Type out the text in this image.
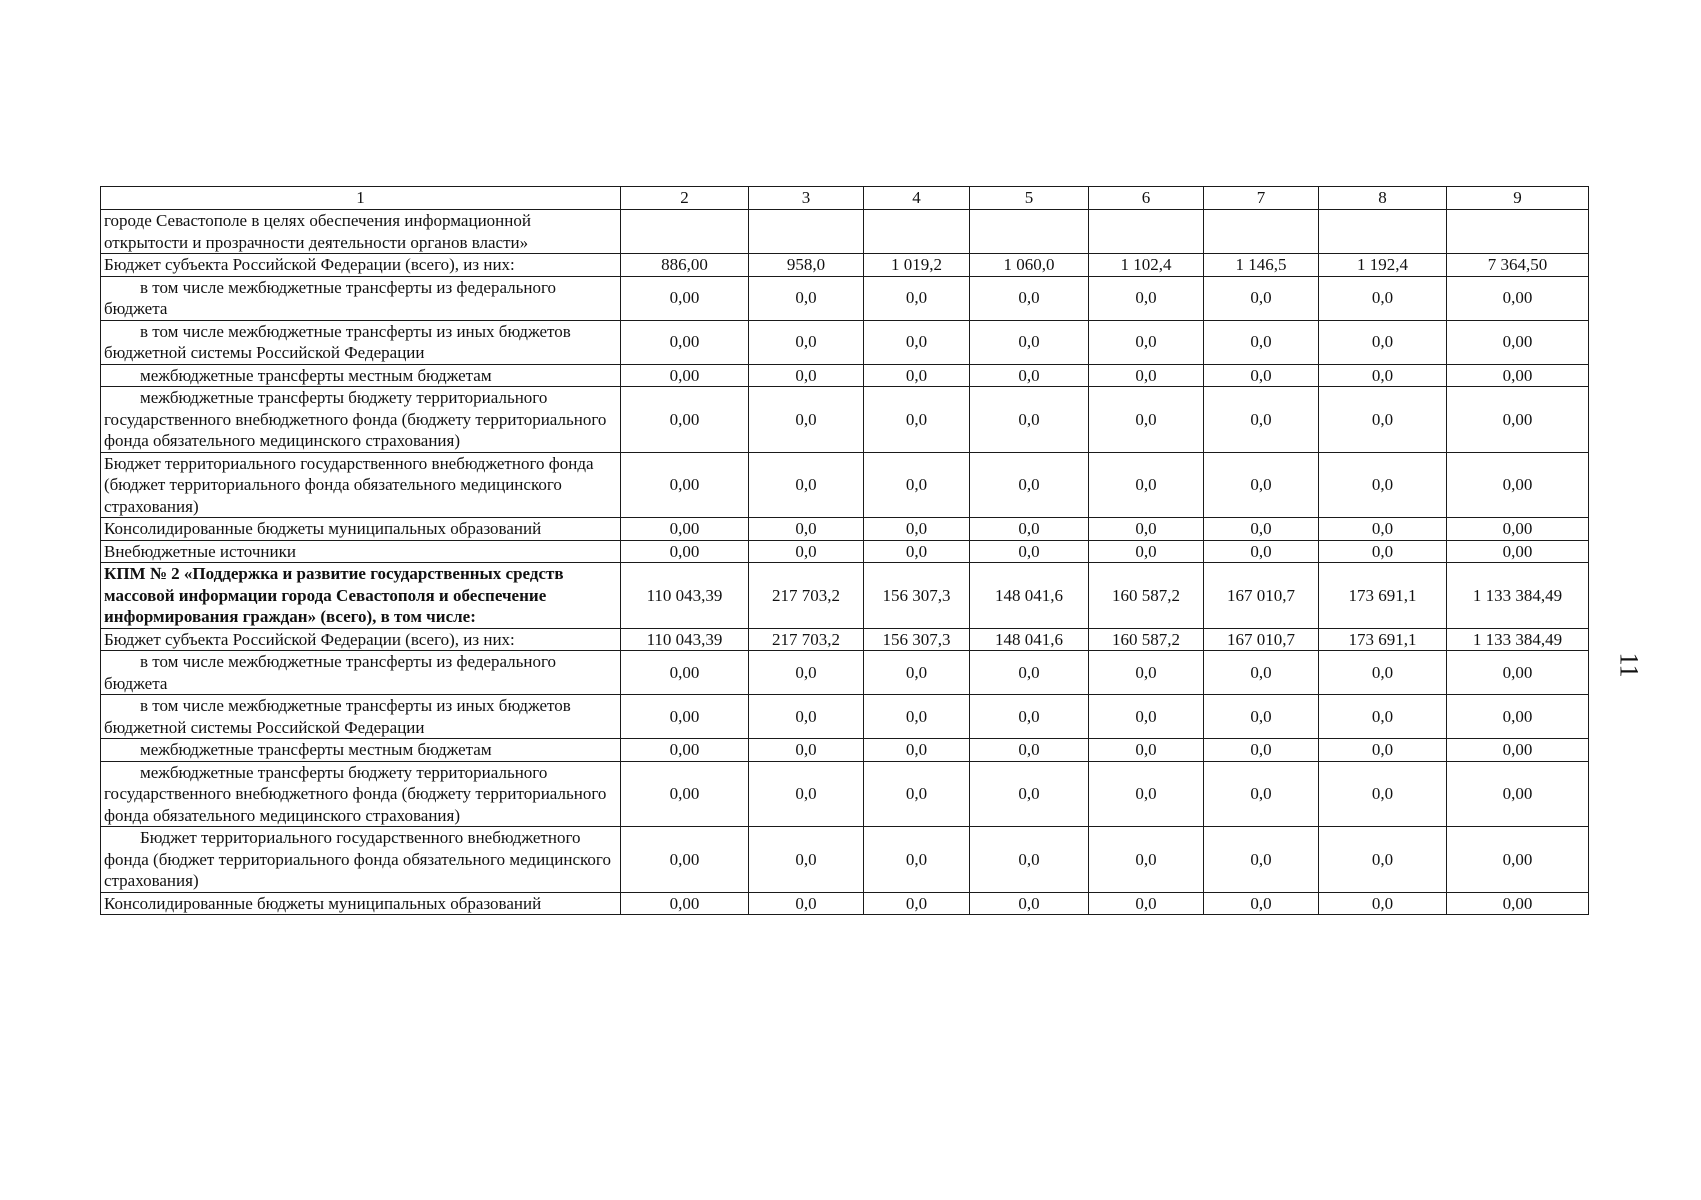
1	2	3	4	5	6	7	8	9
городе Севастополе в целях обеспечения информационной открытости и прозрачности деятельности органов власти»								
Бюджет субъекта Российской Федерации (всего), из них:	886,00	958,0	1 019,2	1 060,0	1 102,4	1 146,5	1 192,4	7 364,50

в том числе межбюджетные трансферты из федерального бюджета	0,00	0,0	0,0	0,0	0,0	0,0	0,0	0,00

в том числе межбюджетные трансферты из иных бюджетов бюджетной системы Российской Федерации	0,00	0,0	0,0	0,0	0,0	0,0	0,0	0,00

межбюджетные трансферты местным бюджетам	0,00	0,0	0,0	0,0	0,0	0,0	0,0	0,00

межбюджетные трансферты бюджету территориального государственного внебюджетного фонда (бюджету территориального фонда обязательного медицинского страхования)	0,00	0,0	0,0	0,0	0,0	0,0	0,0	0,00
Бюджет территориального государственного внебюджетного фонда (бюджет территориального фонда обязательного медицинского страхования)	0,00	0,0	0,0	0,0	0,0	0,0	0,0	0,00
Консолидированные бюджеты муниципальных образований	0,00	0,0	0,0	0,0	0,0	0,0	0,0	0,00
Внебюджетные источники	0,00	0,0	0,0	0,0	0,0	0,0	0,0	0,00
КПМ № 2 «Поддержка и развитие государственных средств массовой информации города Севастополя и обеспечение информирования граждан» (всего), в том числе:	110 043,39	217 703,2	156 307,3	148 041,6	160 587,2	167 010,7	173 691,1	1 133 384,49
Бюджет субъекта Российской Федерации (всего), из них:	110 043,39	217 703,2	156 307,3	148 041,6	160 587,2	167 010,7	173 691,1	1 133 384,49

в том числе межбюджетные трансферты из федерального бюджета	0,00	0,0	0,0	0,0	0,0	0,0	0,0	0,00

в том числе межбюджетные трансферты из иных бюджетов бюджетной системы Российской Федерации	0,00	0,0	0,0	0,0	0,0	0,0	0,0	0,00

межбюджетные трансферты местным бюджетам	0,00	0,0	0,0	0,0	0,0	0,0	0,0	0,00

межбюджетные трансферты бюджету территориального государственного внебюджетного фонда (бюджету территориального фонда обязательного медицинского страхования)	0,00	0,0	0,0	0,0	0,0	0,0	0,0	0,00

Бюджет территориального государственного внебюджетного фонда (бюджет территориального фонда обязательного медицинского страхования)	0,00	0,0	0,0	0,0	0,0	0,0	0,0	0,00
Консолидированные бюджеты муниципальных образований	0,00	0,0	0,0	0,0	0,0	0,0	0,0	0,00
11
